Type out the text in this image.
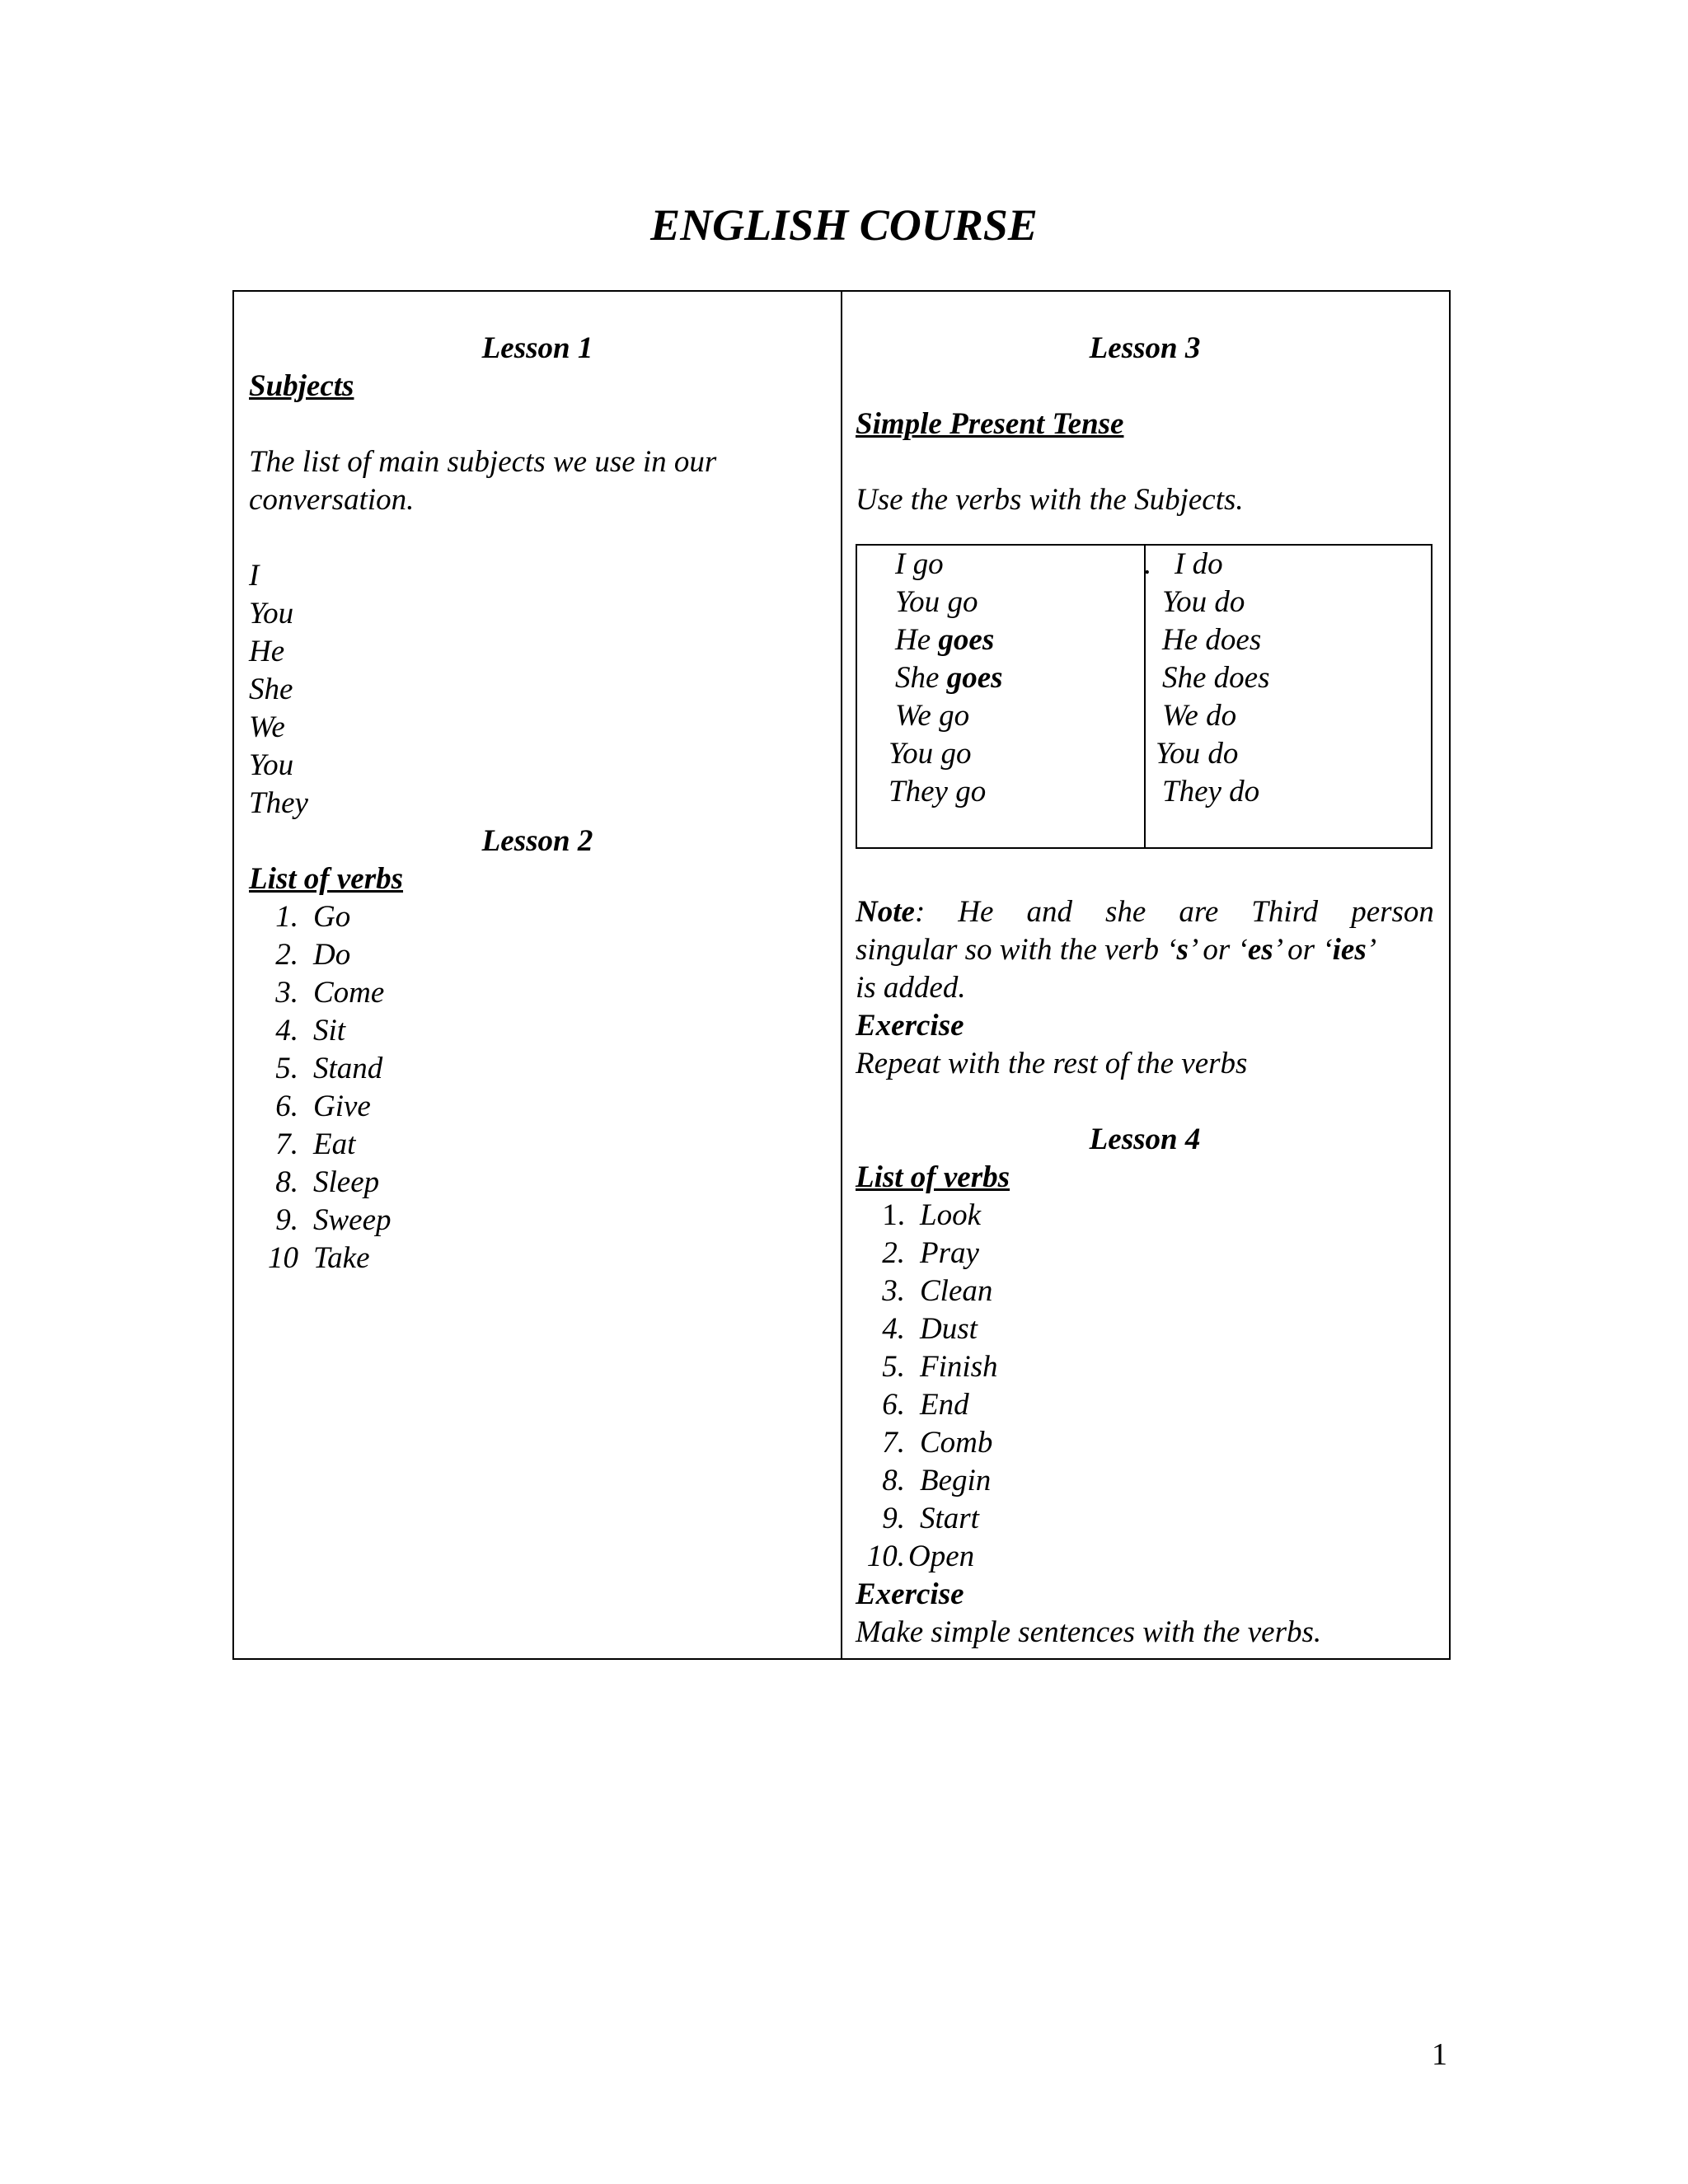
ENGLISH COURSE
Lesson 1
Subjects
The list of main subjects we use in our
conversation.
I
You
He
She
We
You
They
Lesson 2
List of verbs
1. Go
2. Do
3. Come
4. Sit
5. Stand
6. Give
7. Eat
8. Sleep
9. Sweep
10 Take
Lesson 3
Simple Present Tense
Use the verbs with the Subjects.
I go
You go
He goes
She goes
We go
You go
They go
. I do
You do
He does
She does
We do
You do
They do
Note: He and she are Third person
singular so with the verb ‘s’ or ‘es’ or ‘ies’
is added.
Exercise
Repeat with the rest of the verbs
Lesson 4
List of verbs
1. Look
2. Pray
3. Clean
4. Dust
5. Finish
6. End
7. Comb
8. Begin
9. Start
10. Open
Exercise
Make simple sentences with the verbs.
1
